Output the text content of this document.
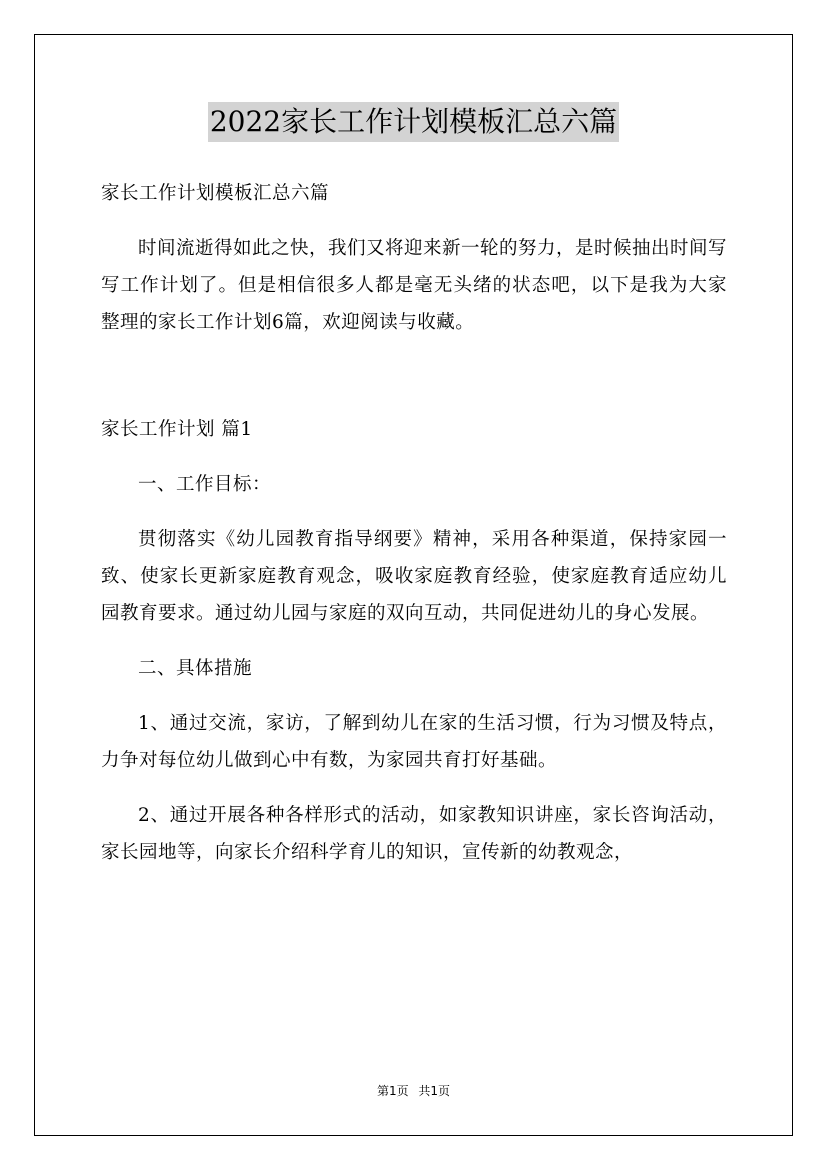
2022家长工作计划模板汇总六篇

家长工作计划模板汇总六篇

时间流逝得如此之快，我们又将迎来新一轮的努力，是时候抽出时间写写工作计划了。但是相信很多人都是毫无头绪的状态吧，以下是我为大家整理的家长工作计划6篇，欢迎阅读与收藏。

家长工作计划 篇1

一、工作目标：

贯彻落实《幼儿园教育指导纲要》精神，采用各种渠道，保持家园一致、使家长更新家庭教育观念，吸收家庭教育经验，使家庭教育适应幼儿园教育要求。通过幼儿园与家庭的双向互动，共同促进幼儿的身心发展。

二、具体措施

1、通过交流，家访，了解到幼儿在家的生活习惯，行为习惯及特点，力争对每位幼儿做到心中有数，为家园共育打好基础。

2、通过开展各种各样形式的活动，如家教知识讲座，家长咨询活动，家长园地等，向家长介绍科学育儿的知识，宣传新的幼教观念，

第1页 共1页
